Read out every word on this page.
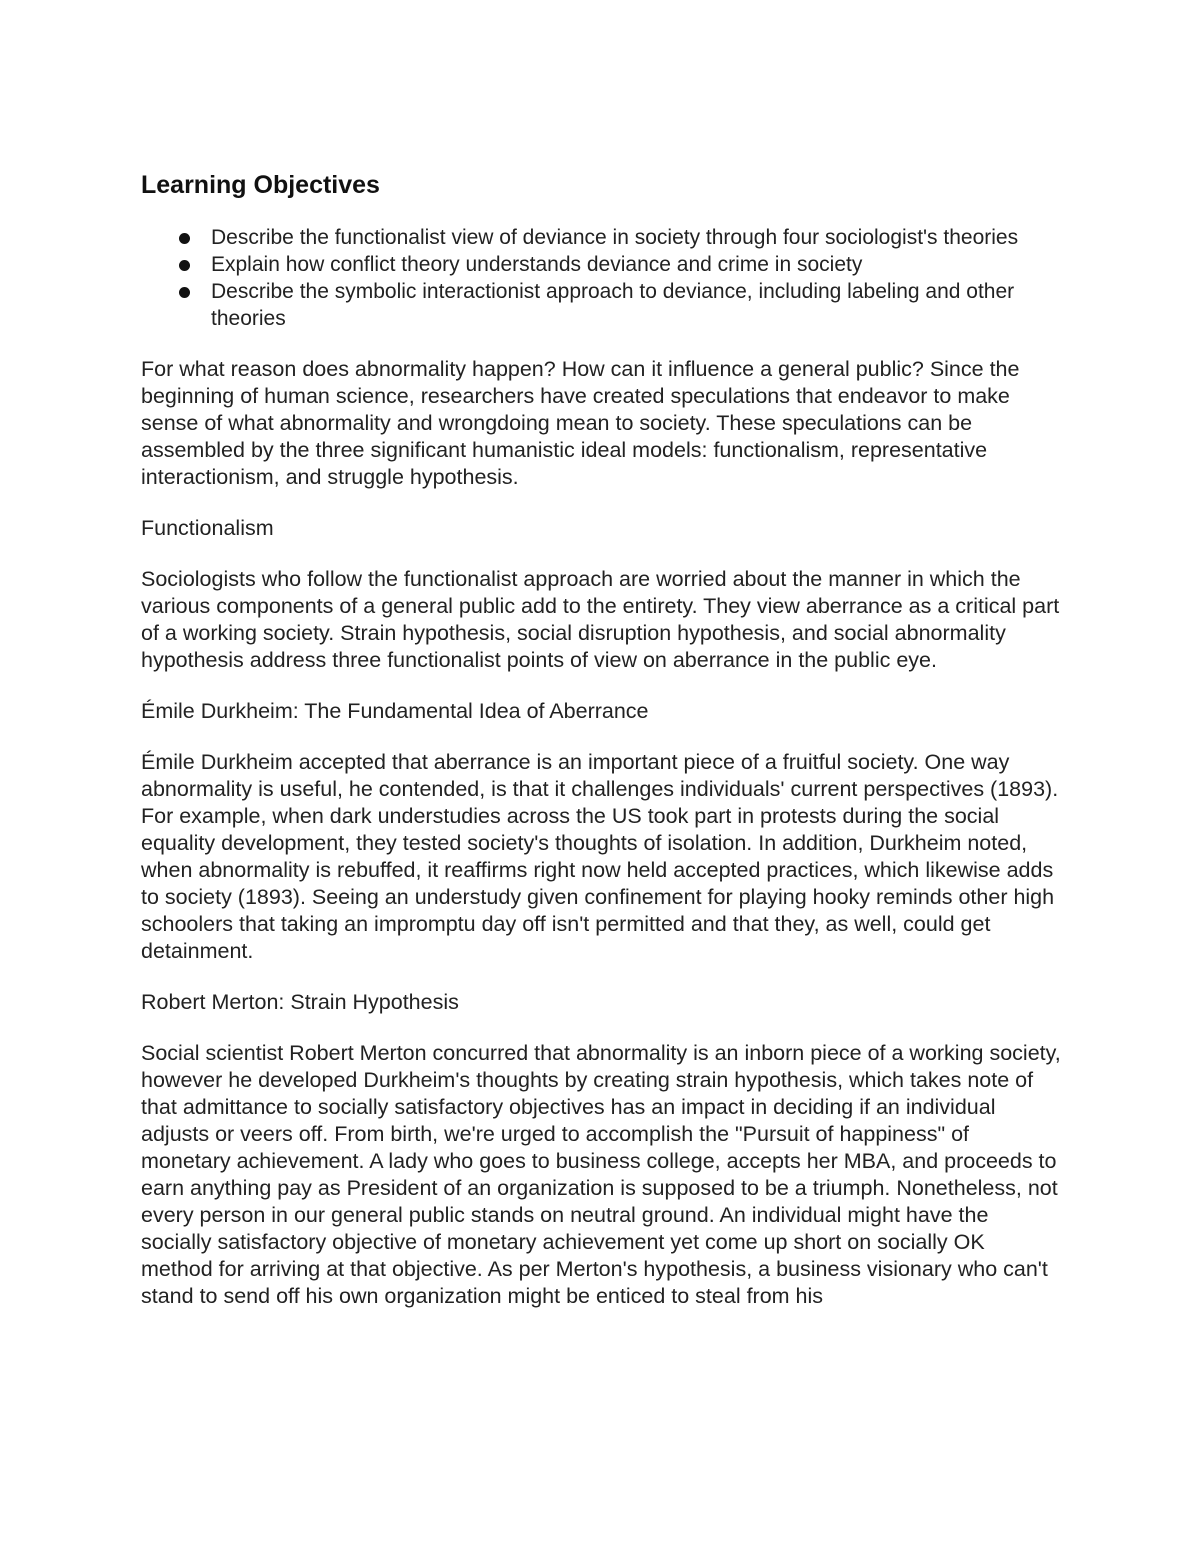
Learning Objectives
Describe the functionalist view of deviance in society through four sociologist's theories
Explain how conflict theory understands deviance and crime in society
Describe the symbolic interactionist approach to deviance, including labeling and other theories

For what reason does abnormality happen? How can it influence a general public? Since the beginning of human science, researchers have created speculations that endeavor to make sense of what abnormality and wrongdoing mean to society. These speculations can be assembled by the three significant humanistic ideal models: functionalism, representative interactionism, and struggle hypothesis.

Functionalism

Sociologists who follow the functionalist approach are worried about the manner in which the various components of a general public add to the entirety. They view aberrance as a critical part of a working society. Strain hypothesis, social disruption hypothesis, and social abnormality hypothesis address three functionalist points of view on aberrance in the public eye.

Émile Durkheim: The Fundamental Idea of Aberrance

Émile Durkheim accepted that aberrance is an important piece of a fruitful society. One way abnormality is useful, he contended, is that it challenges individuals' current perspectives (1893). For example, when dark understudies across the US took part in protests during the social equality development, they tested society's thoughts of isolation. In addition, Durkheim noted, when abnormality is rebuffed, it reaffirms right now held accepted practices, which likewise adds to society (1893). Seeing an understudy given confinement for playing hooky reminds other high schoolers that taking an impromptu day off isn't permitted and that they, as well, could get detainment.

Robert Merton: Strain Hypothesis

Social scientist Robert Merton concurred that abnormality is an inborn piece of a working society, however he developed Durkheim's thoughts by creating strain hypothesis, which takes note of that admittance to socially satisfactory objectives has an impact in deciding if an individual adjusts or veers off. From birth, we're urged to accomplish the "Pursuit of happiness" of monetary achievement. A lady who goes to business college, accepts her MBA, and proceeds to earn anything pay as President of an organization is supposed to be a triumph. Nonetheless, not every person in our general public stands on neutral ground. An individual might have the socially satisfactory objective of monetary achievement yet come up short on socially OK method for arriving at that objective. As per Merton's hypothesis, a business visionary who can't stand to send off his own organization might be enticed to steal from his
